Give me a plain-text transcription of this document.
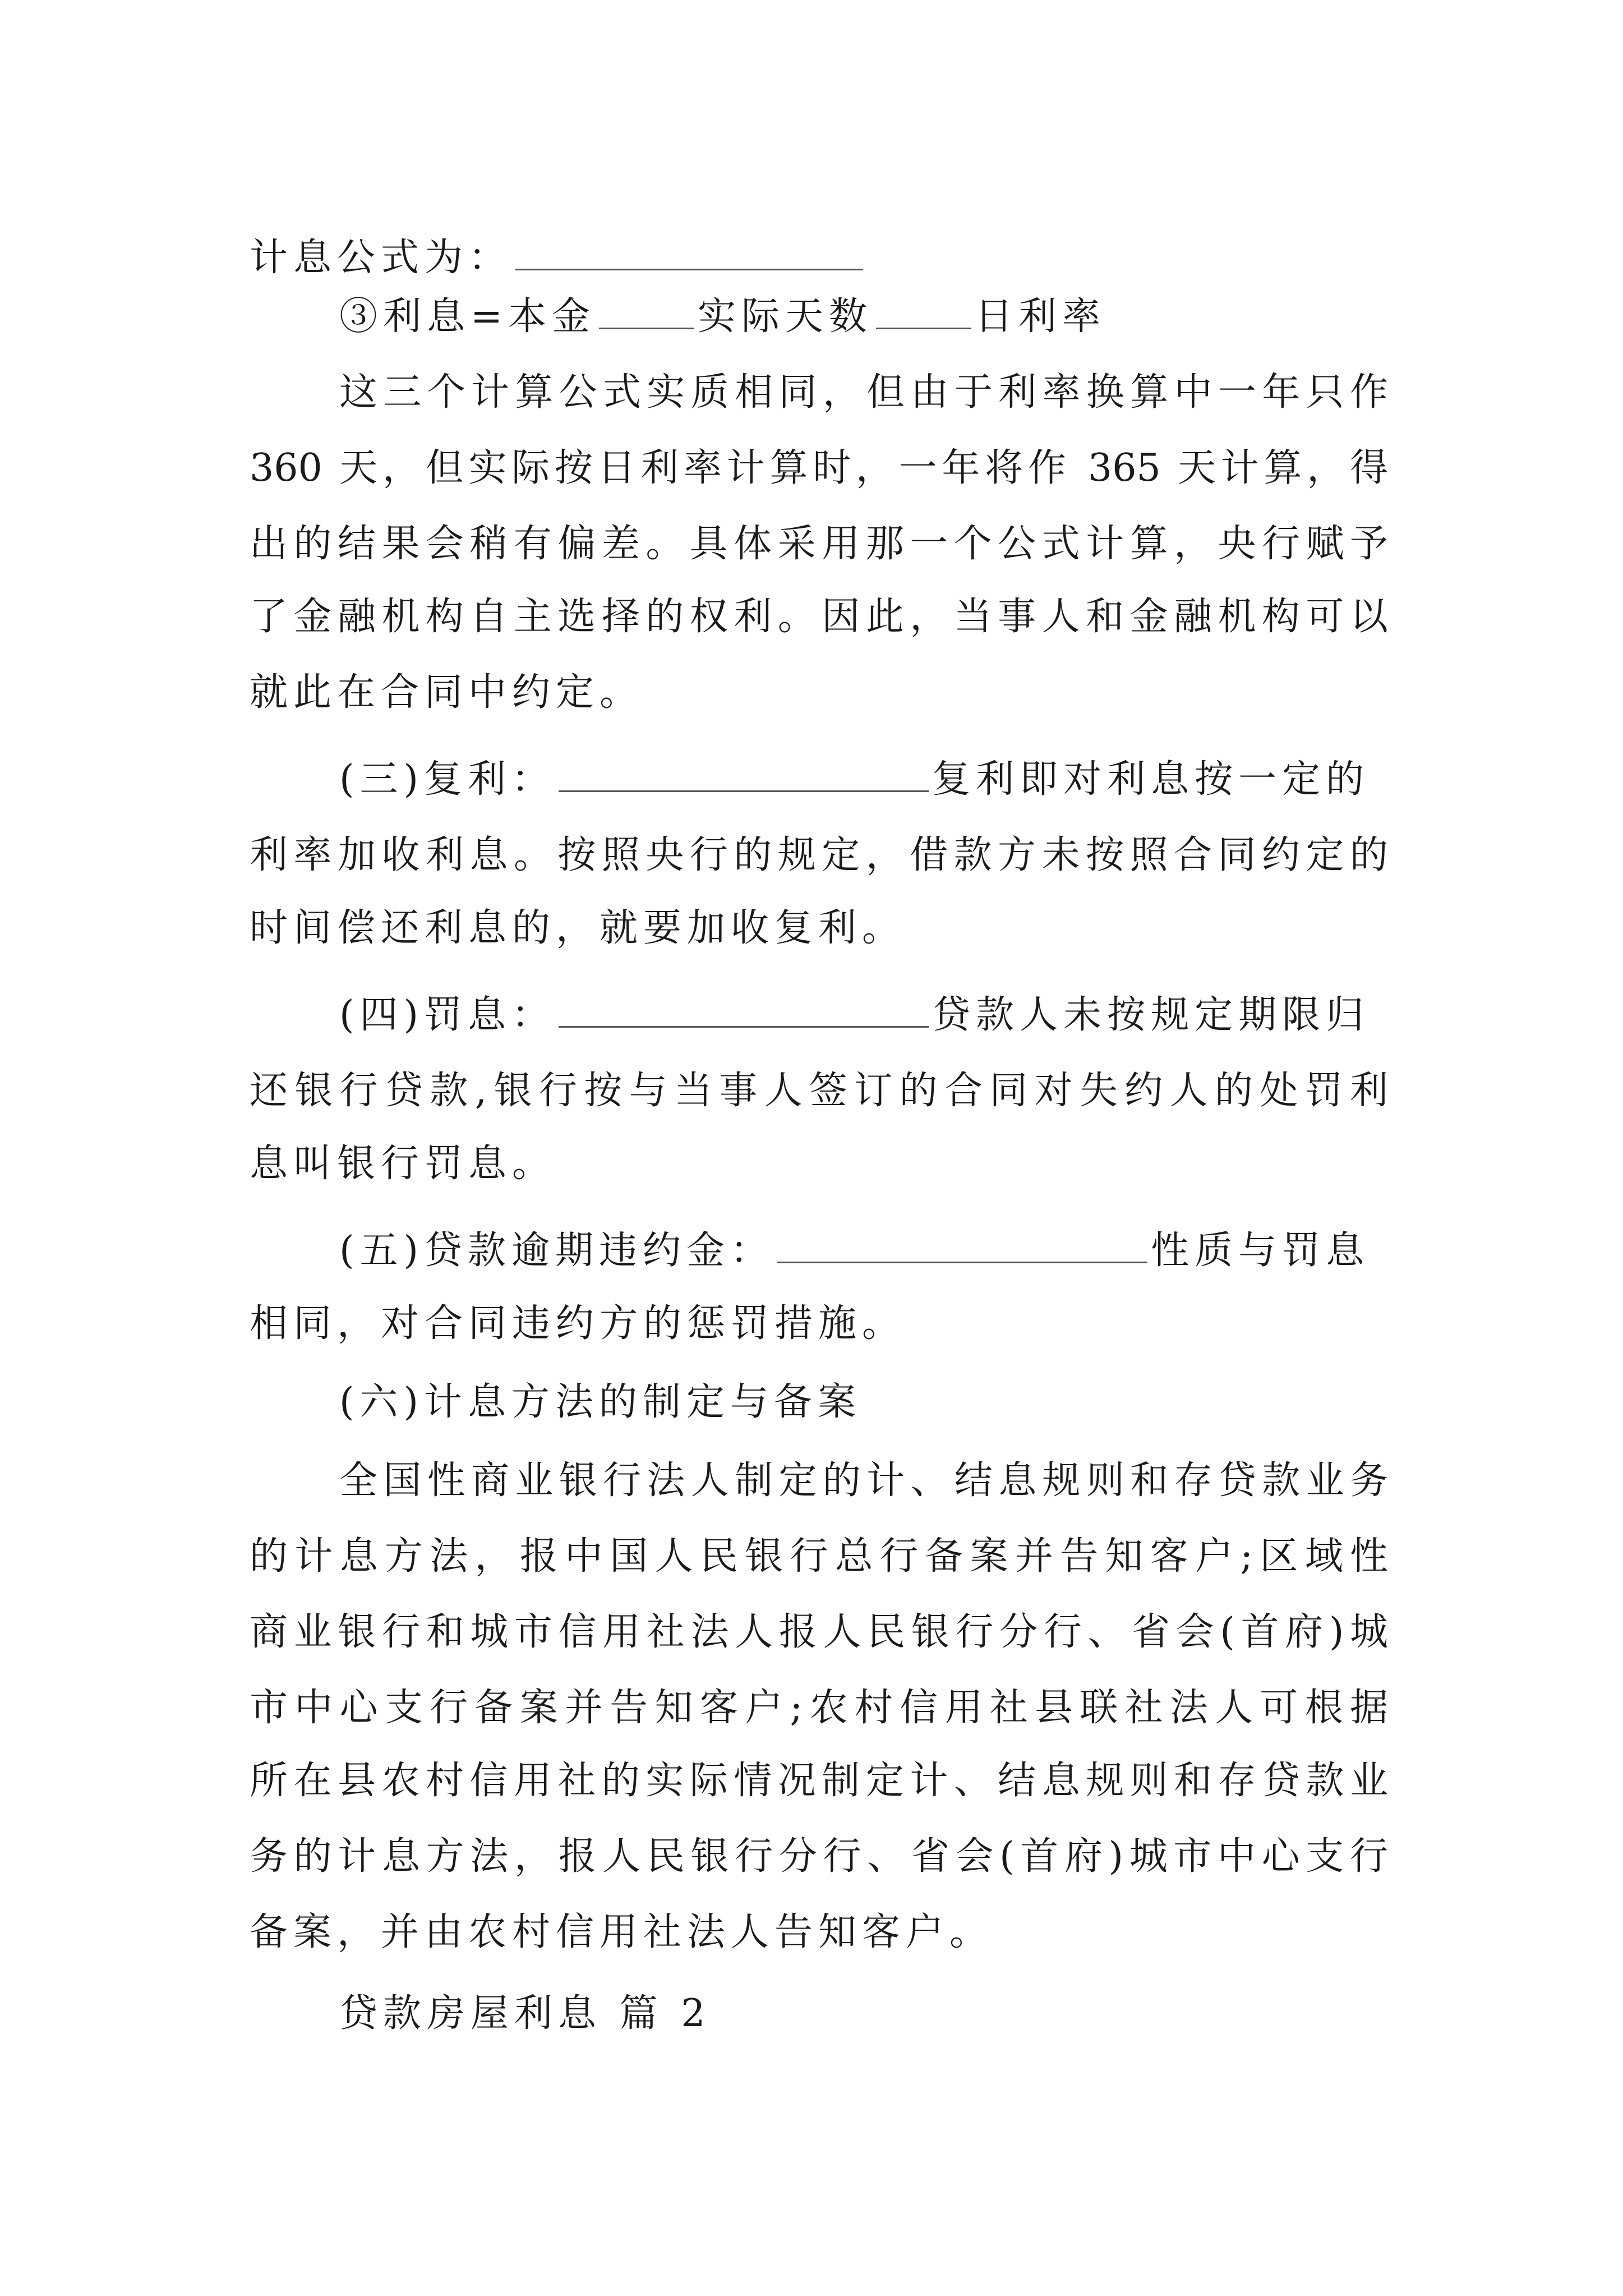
计息公式为：
③利息=本金	实际天数	日利率
这三个计算公式实质相同，但由于利率换算中一年只作
360 天，但实际按日利率计算时，一年将作 365 天计算，得
出的结果会稍有偏差。具体采用那一个公式计算，央行赋予
了金融机构自主选择的权利。因此，当事人和金融机构可以
就此在合同中约定。
(三)复利：	复利即对利息按一定的
利率加收利息。按照央行的规定，借款方未按照合同约定的
时间偿还利息的，就要加收复利。
(四)罚息：	贷款人未按规定期限归
还银行贷款,银行按与当事人签订的合同对失约人的处罚利
息叫银行罚息。
(五)贷款逾期违约金：	性质与罚息
相同，对合同违约方的惩罚措施。
(六)计息方法的制定与备案
全国性商业银行法人制定的计、结息规则和存贷款业务
的计息方法，报中国人民银行总行备案并告知客户;区域性
商业银行和城市信用社法人报人民银行分行、省会(首府)城
市中心支行备案并告知客户;农村信用社县联社法人可根据
所在县农村信用社的实际情况制定计、结息规则和存贷款业
务的计息方法，报人民银行分行、省会(首府)城市中心支行
备案，并由农村信用社法人告知客户。
贷款房屋利息 篇 2
